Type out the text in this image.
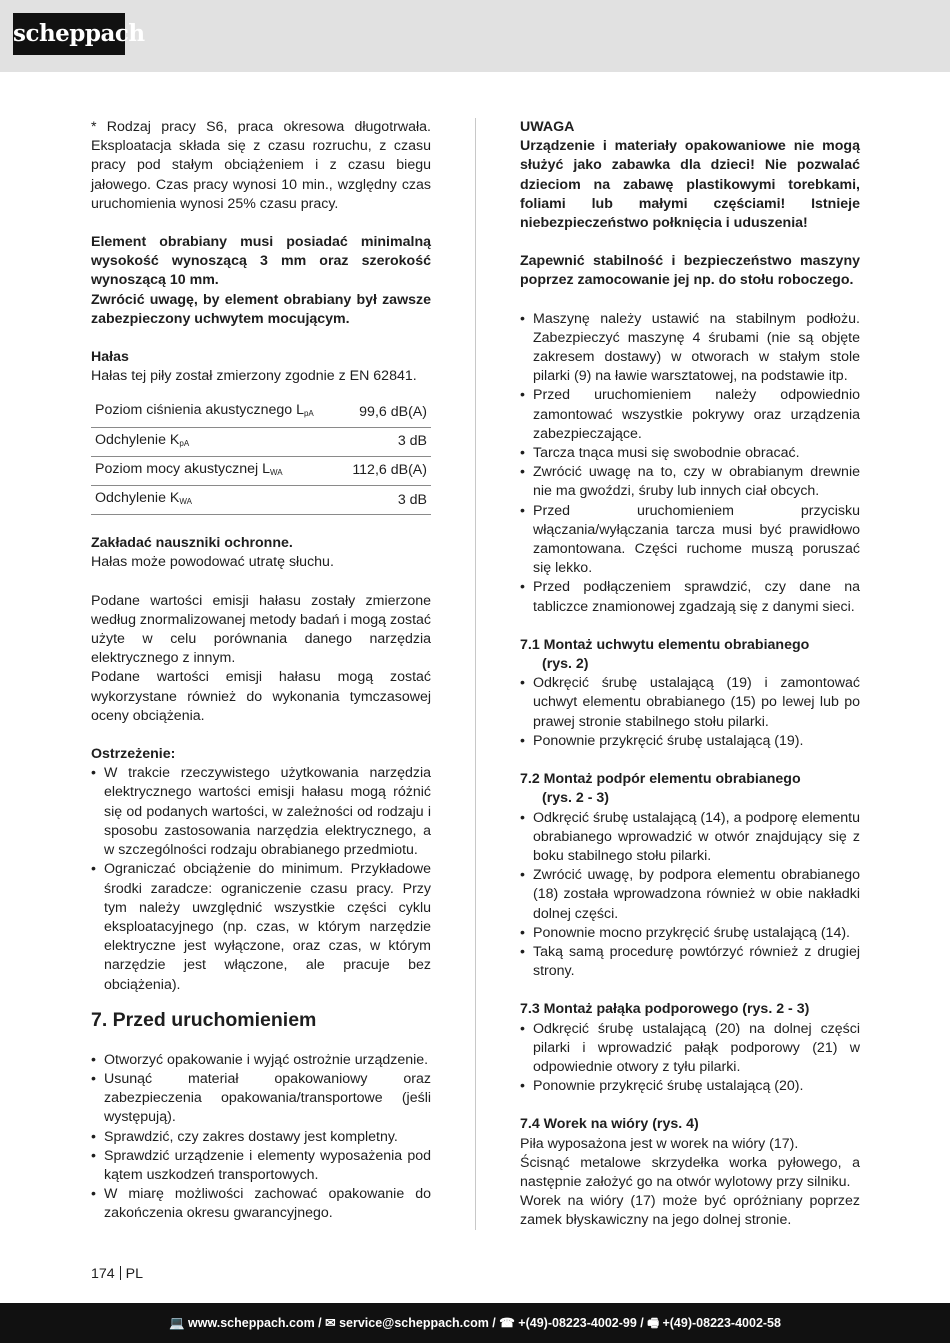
scheppach

* Rodzaj pracy S6, praca okresowa długotrwała. Eksploatacja składa się z czasu rozruchu, z czasu pracy pod stałym obciążeniem i z czasu biegu jałowego. Czas pracy wynosi 10 min., względny czas uruchomienia wynosi 25% czasu pracy.

Element obrabiany musi posiadać minimalną wysokość wynoszącą 3 mm oraz szerokość wynoszącą 10 mm.

Zwrócić uwagę, by element obrabiany był zawsze zabezpieczony uchwytem mocującym.

Hałas

Hałas tej piły został zmierzony zgodnie z EN 62841.

Poziom ciśnienia akustycznego $L_{pA}$	99,6 dB(A)
Odchylenie $K_{pA}$	3 dB
Poziom mocy akustycznej $L_{WA}$	112,6 dB(A)
Odchylenie $K_{WA}$	3 dB

Zakładać nauszniki ochronne.

Hałas może powodować utratę słuchu.

Podane wartości emisji hałasu zostały zmierzone według znormalizowanej metody badań i mogą zostać użyte w celu porównania danego narzędzia elektrycznego z innym.

Podane wartości emisji hałasu mogą zostać wykorzystane również do wykonania tymczasowej oceny obciążenia.

Ostrzeżenie:

• W trakcie rzeczywistego użytkowania narzędzia elektrycznego wartości emisji hałasu mogą różnić się od podanych wartości, w zależności od rodzaju i sposobu zastosowania narzędzia elektrycznego, a w szczególności rodzaju obrabianego przedmiotu.
• Ograniczać obciążenie do minimum. Przykładowe środki zaradcze: ograniczenie czasu pracy. Przy tym należy uwzględnić wszystkie części cyklu eksploatacyjnego (np. czas, w którym narzędzie elektryczne jest wyłączone, oraz czas, w którym narzędzie jest włączone, ale pracuje bez obciążenia).
7. Przed uruchomieniem
• Otworzyć opakowanie i wyjąć ostrożnie urządzenie.
• Usunąć materiał opakowaniowy oraz zabezpieczenia opakowania/transportowe (jeśli występują).
• Sprawdzić, czy zakres dostawy jest kompletny.
• Sprawdzić urządzenie i elementy wyposażenia pod kątem uszkodzeń transportowych.
• W miarę możliwości zachować opakowanie do zakończenia okresu gwarancyjnego.

UWAGA

Urządzenie i materiały opakowaniowe nie mogą służyć jako zabawka dla dzieci! Nie pozwalać dzieciom na zabawę plastikowymi torebkami, foliami lub małymi częściami! Istnieje niebezpieczeństwo połknięcia i uduszenia!

Zapewnić stabilność i bezpieczeństwo maszyny poprzez zamocowanie jej np. do stołu roboczego.

• Maszynę należy ustawić na stabilnym podłożu. Zabezpieczyć maszynę 4 śrubami (nie są objęte zakresem dostawy) w otworach w stałym stole pilarki (9) na ławie warsztatowej, na podstawie itp.
• Przed uruchomieniem należy odpowiednio zamontować wszystkie pokrywy oraz urządzenia zabezpieczające.
• Tarcza tnąca musi się swobodnie obracać.
• Zwrócić uwagę na to, czy w obrabianym drewnie nie ma gwoździ, śruby lub innych ciał obcych.
• Przed uruchomieniem przycisku włączania/wyłączania tarcza musi być prawidłowo zamontowana. Części ruchome muszą poruszać się lekko.
• Przed podłączeniem sprawdzić, czy dane na tabliczce znamionowej zgadzają się z danymi sieci.

7.1 Montaż uchwytu elementu obrabianego

(rys. 2)

• Odkręcić śrubę ustalającą (19) i zamontować uchwyt elementu obrabianego (15) po lewej lub po prawej stronie stabilnego stołu pilarki.
• Ponownie przykręcić śrubę ustalającą (19).

7.2 Montaż podpór elementu obrabianego

(rys. 2 - 3)

• Odkręcić śrubę ustalającą (14), a podporę elementu obrabianego wprowadzić w otwór znajdujący się z boku stabilnego stołu pilarki.
• Zwrócić uwagę, by podpora elementu obrabianego (18) została wprowadzona również w obie nakładki dolnej części.
• Ponownie mocno przykręcić śrubę ustalającą (14).
• Taką samą procedurę powtórzyć również z drugiej strony.

7.3 Montaż pałąka podporowego (rys. 2 - 3)

• Odkręcić śrubę ustalającą (20) na dolnej części pilarki i wprowadzić pałąk podporowy (21) w odpowiednie otwory z tyłu pilarki.
• Ponownie przykręcić śrubę ustalającą (20).

7.4 Worek na wióry (rys. 4)

Piła wyposażona jest w worek na wióry (17).

Ścisnąć metalowe skrzydełka worka pyłowego, a następnie założyć go na otwór wylotowy przy silniku.

Worek na wióry (17) może być opróżniany poprzez zamek błyskawiczny na jego dolnej stronie.

174 PL
💻 www.scheppach.com / ✉ service@scheppach.com / ☎ +(49)-08223-4002-99 / 🖷 +(49)-08223-4002-58
